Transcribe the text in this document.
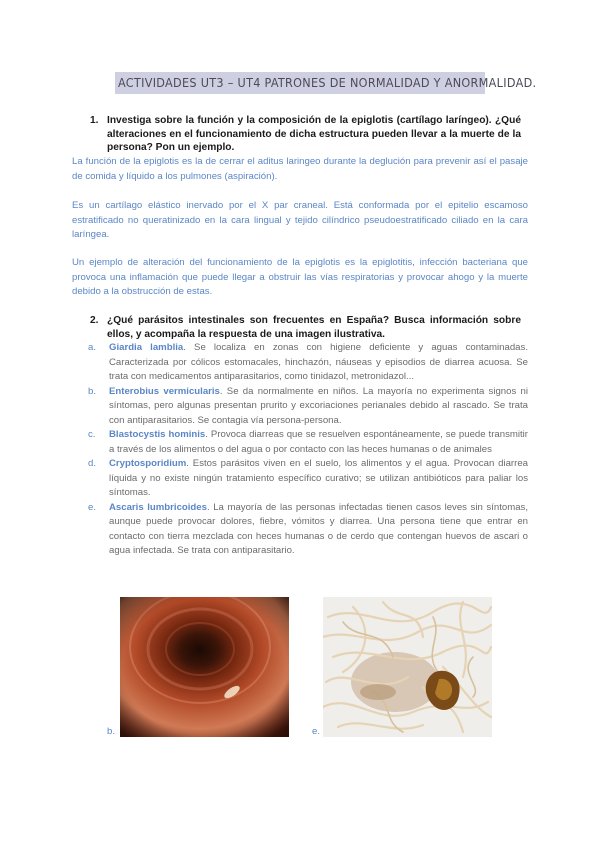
ACTIVIDADES UT3 – UT4 PATRONES DE NORMALIDAD Y ANORMALIDAD.
1. Investiga sobre la función y la composición de la epiglotis (cartílago laríngeo). ¿Qué alteraciones en el funcionamiento de dicha estructura pueden llevar a la muerte de la persona? Pon un ejemplo.

La función de la epiglotis es la de cerrar el aditus laringeo durante la deglución para prevenir así el pasaje de comida y líquido a los pulmones (aspiración).

Es un cartílago elástico inervado por el X par craneal. Está conformada por el epitelio escamoso estratificado no queratinizado en la cara lingual y tejido cilíndrico pseudoestratificado ciliado en la cara laríngea.

Un ejemplo de alteración del funcionamiento de la epiglotis es la epiglotitis, infección bacteriana que provoca una inflamación que puede llegar a obstruir las vías respiratorias y provocar ahogo y la muerte debido a la obstrucción de estas.

2. ¿Qué parásitos intestinales son frecuentes en España? Busca información sobre ellos, y acompaña la respuesta de una imagen ilustrativa.
a. Giardia lamblia. Se localiza en zonas con higiene deficiente y aguas contaminadas. Caracterizada por cólicos estomacales, hinchazón, náuseas y episodios de diarrea acuosa. Se trata con medicamentos antiparasitarios, como tinidazol, metronidazol...
b. Enterobius vermicularis. Se da normalmente en niños. La mayoría no experimenta signos ni síntomas, pero algunas presentan prurito y excoriaciones perianales debido al rascado. Se trata con antiparasitarios. Se contagia vía persona-persona.
c. Blastocystis hominis. Provoca diarreas que se resuelven espontáneamente, se puede transmitir a través de los alimentos o del agua o por contacto con las heces humanas o de animales
d. Cryptosporidium. Estos parásitos viven en el suelo, los alimentos y el agua. Provocan diarrea líquida y no existe ningún tratamiento específico curativo; se utilizan antibióticos para paliar los síntomas.
e. Ascaris lumbricoides. La mayoría de las personas infectadas tienen casos leves sin síntomas, aunque puede provocar dolores, fiebre, vómitos y diarrea. Una persona tiene que entrar en contacto con tierra mezclada con heces humanas o de cerdo que contengan huevos de ascari o agua infectada. Se trata con antiparasitario.
b.	e.
